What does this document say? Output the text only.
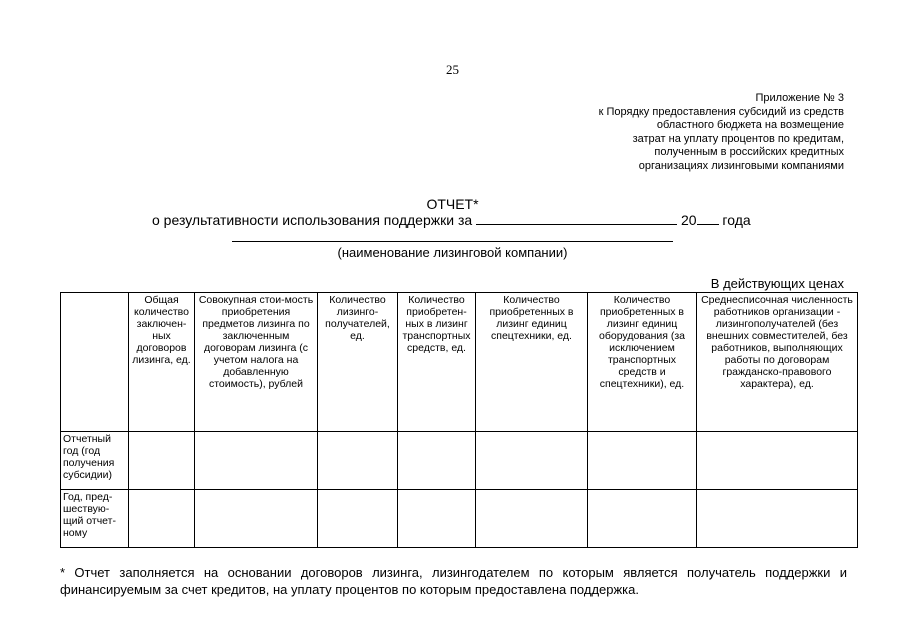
25
Приложение № 3
к Порядку предоставления субсидий из средств
областного бюджета на возмещение
затрат на уплату процентов по кредитам,
полученным в российских кредитных
организациях лизинговыми компаниями
ОТЧЕТ*
о результативности использования поддержки за	20 года
(наименование лизинговой компании)
В действующих ценах
	Общая количество заключен-ных договоров лизинга, ед.	Совокупная стои-мость приобретения предметов лизинга по заключенным договорам лизинга (с учетом налога на добавленную стоимость), рублей	Количество лизинго-получателей, ед.	Количество приобретен-ных в лизинг транспортных средств, ед.	Количество приобретенных в лизинг единиц спецтехники, ед.	Количество приобретенных в лизинг единиц оборудования (за исключением транспортных средств и спецтехники), ед.	Среднесписочная численность работников организации - лизингополучателей (без внешних совместителей, без работников, выполняющих работы по договорам гражданско-правового характера), ед.
Отчетный год (год получения субсидии)							
Год, пред-шествую-щий отчет-ному							
* Отчет заполняется на основании договоров лизинга, лизингодателем по которым является получатель поддержки и финансируемым за счет кредитов, на уплату процентов по которым предоставлена поддержка.
